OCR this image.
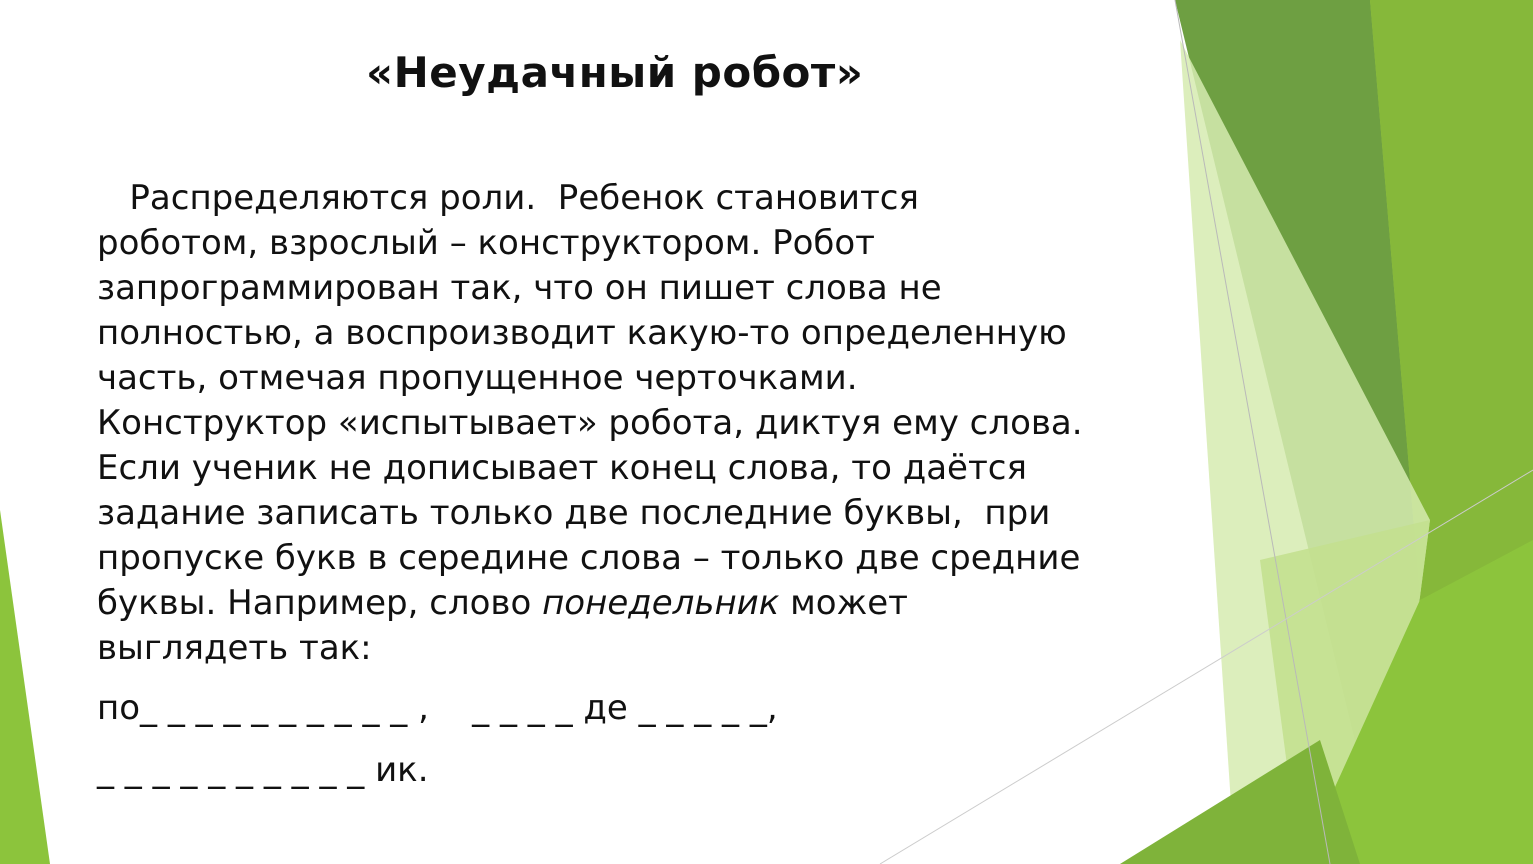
«Неудачный робот»
Распределяются роли.  Ребенок становится
роботом, взрослый – конструктором. Робот
запрограммирован так, что он пишет слова не
полностью, а воспроизводит какую-то определенную
часть, отмечая пропущенное черточками.
Конструктор «испытывает» робота, диктуя ему слова.
Если ученик не дописывает конец слова, то даётся
задание записать только две последние буквы,  при
пропуске букв в середине слова – только две средние
буквы. Например, слово понедельник может
выглядеть так:
по_ _ _ _ _ _ _ _ _ _ ,    _ _ _ _ де _ _ _ _ _,
_ _ _ _ _ _ _ _ _ _ ик.
